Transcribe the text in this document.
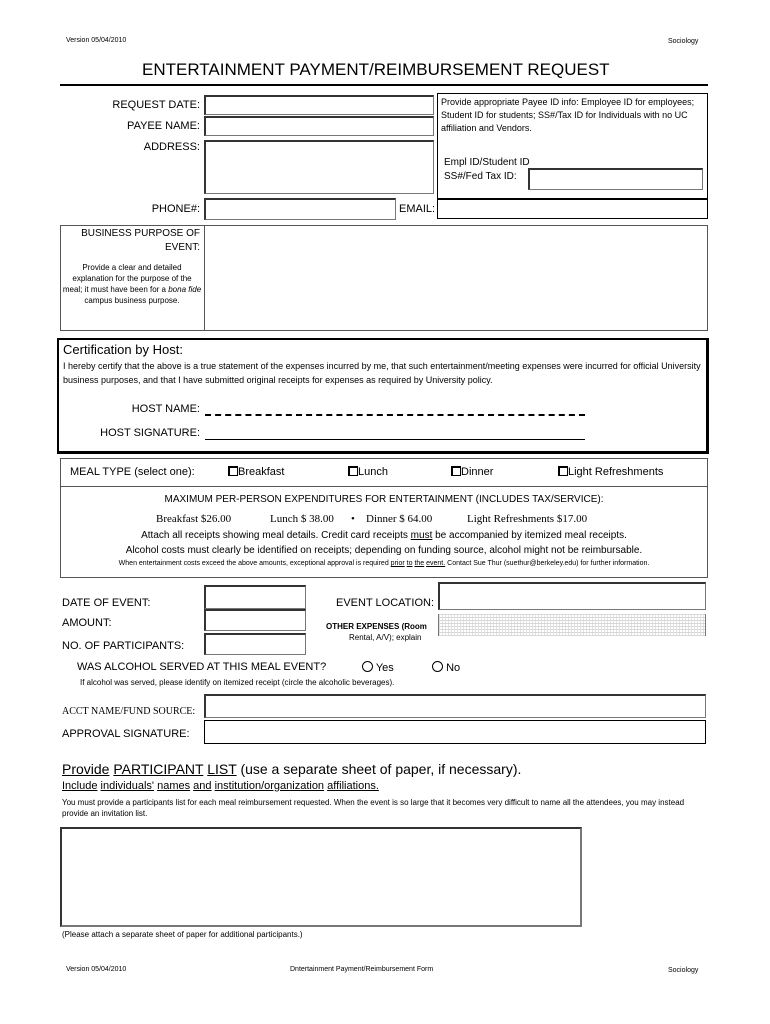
Version 05/04/2010	Sociology
ENTERTAINMENT PAYMENT/REIMBURSEMENT REQUEST
REQUEST DATE:
PAYEE NAME:
ADDRESS:
Provide appropriate Payee ID info: Employee ID for employees; Student ID for students; SS#/Tax ID for Individuals with no UC affiliation and Vendors.
Empl ID/Student ID
SS#/Fed Tax ID:
PHONE#:	EMAIL:
BUSINESS PURPOSE OF
EVENT:
Provide a clear and detailed explanation for the purpose of the meal; it must have been for a bona fide campus business purpose.
Certification by Host:
I hereby certify that the above is a true statement of the expenses incurred by me, that such entertainment/meeting expenses were incurred for official University business purposes, and that I have submitted original receipts for expenses as required by University policy.
HOST NAME:
HOST SIGNATURE:
MEAL TYPE (select one):	Breakfast	Lunch	Dinner	Light Refreshments
MAXIMUM PER-PERSON EXPENDITURES FOR ENTERTAINMENT (INCLUDES TAX/SERVICE):
Breakfast $26.00	Lunch $ 38.00 • Dinner $ 64.00	Light Refreshments $17.00
Attach all receipts showing meal details. Credit card receipts must be accompanied by itemized meal receipts.
Alcohol costs must clearly be identified on receipts; depending on funding source, alcohol might not be reimbursable.
When entertainment costs exceed the above amounts, exceptional approval is required prior to the event. Contact Sue Thur (suethur@berkeley.edu) for further information.
DATE OF EVENT:	EVENT LOCATION:
AMOUNT:	OTHER EXPENSES (Room
Rental, A/V); explain
NO. OF PARTICIPANTS:
WAS ALCOHOL SERVED AT THIS MEAL EVENT?	Yes	No
If alcohol was served, please identify on itemized receipt (circle the alcoholic beverages).
ACCT NAME/FUND SOURCE:
APPROVAL SIGNATURE:
Provide PARTICIPANT LIST (use a separate sheet of paper, if necessary).
Include individuals' names and institution/organization affiliations.
You must provide a participants list for each meal reimbursement requested. When the event is so large that it becomes very difficult to name all the attendees, you may instead provide an invitation list.
(Please attach a separate sheet of paper for additional participants.)
Version 05/04/2010	Dntertainment Payment/Reimbursement Form	Sociology
